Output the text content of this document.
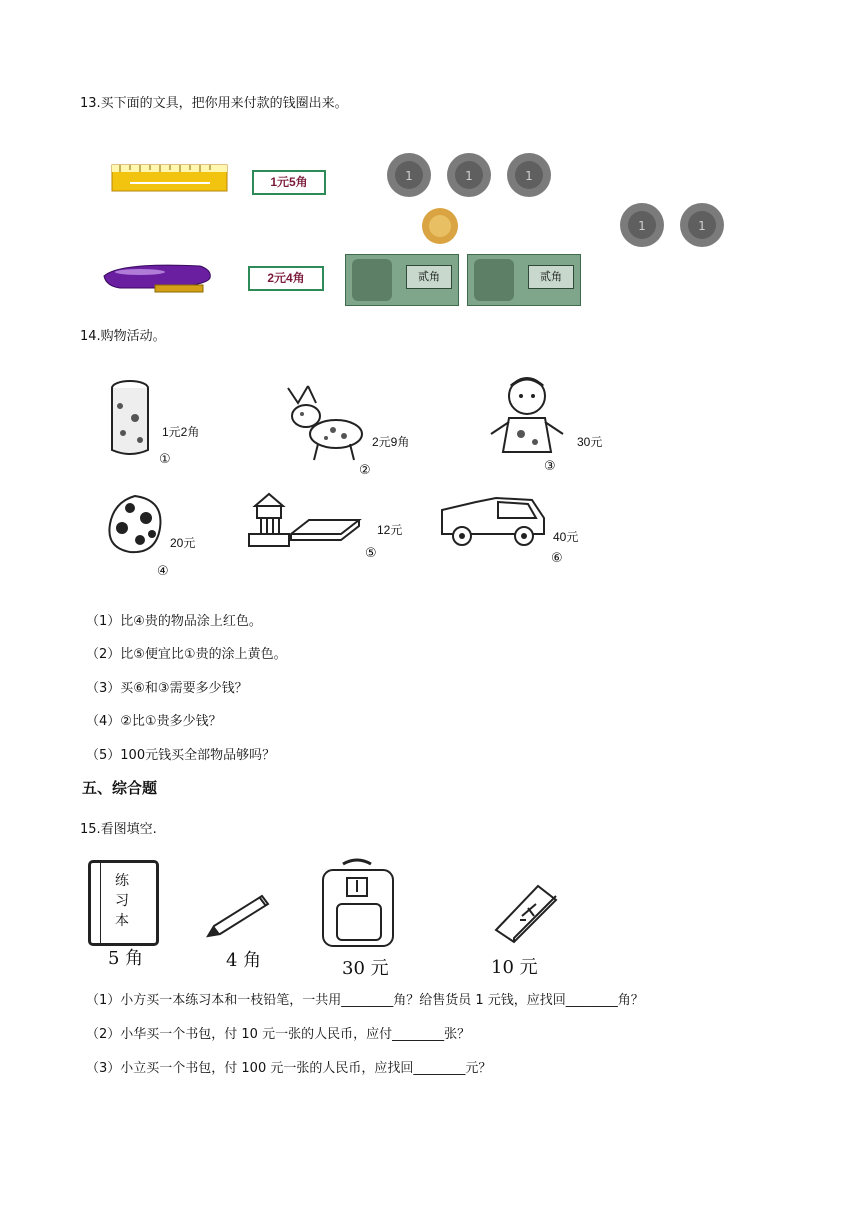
13.买下面的文具，把你用来付款的钱圈出来。
1元5角
2元4角
1	1	1
1	1
贰角	贰角
14.购物活动。
1元2角
①
2元9角
②
30元
③
20元
④
12元
⑤
40元
⑥
（1）比④贵的物品涂上红色。
（2）比⑤便宜比①贵的涂上黄色。
（3）买⑥和③需要多少钱？
（4）②比①贵多少钱？
（5）100元钱买全部物品够吗？
五、综合题
15.看图填空.
练
习
本
5 角	4 角	30 元	10 元
（1）小方买一本练习本和一枝铅笔，一共用________角？给售货员 1 元钱，应找回________角？
（2）小华买一个书包，付 10 元一张的人民币，应付________张？
（3）小立买一个书包，付 100 元一张的人民币，应找回________元？
